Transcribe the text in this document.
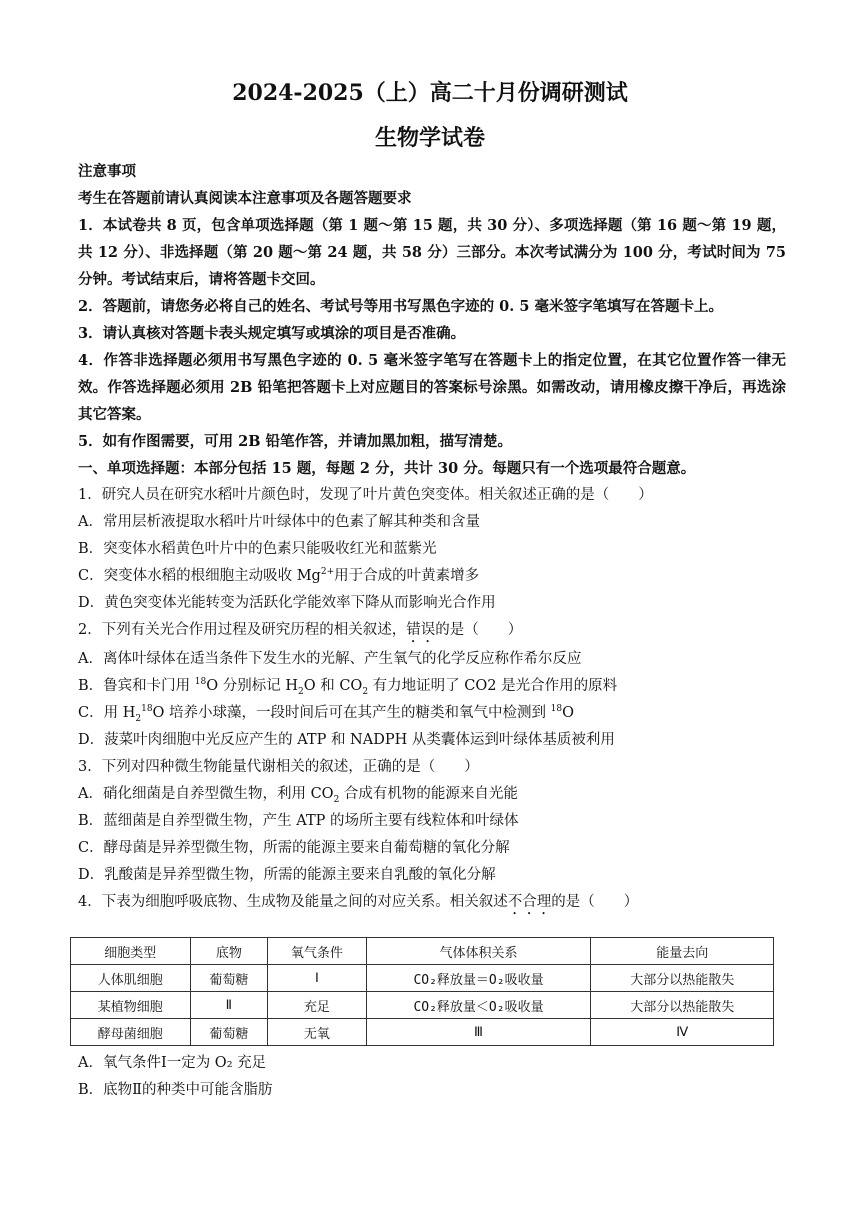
2024-2025（上）高二十月份调研测试
生物学试卷
注意事项
考生在答题前请认真阅读本注意事项及各题答题要求
1．本试卷共 8 页，包含单项选择题（第 1 题～第 15 题，共 30 分）、多项选择题（第 16 题～第 19 题，共 12 分）、非选择题（第 20 题～第 24 题，共 58 分）三部分。本次考试满分为 100 分，考试时间为 75 分钟。考试结束后，请将答题卡交回。
2．答题前，请您务必将自己的姓名、考试号等用书写黑色字迹的 0. 5 毫米签字笔填写在答题卡上。
3．请认真核对答题卡表头规定填写或填涂的项目是否准确。
4．作答非选择题必须用书写黑色字迹的 0. 5 毫米签字笔写在答题卡上的指定位置，在其它位置作答一律无效。作答选择题必须用 2B 铅笔把答题卡上对应题目的答案标号涂黑。如需改动，请用橡皮擦干净后，再选涂其它答案。
5．如有作图需要，可用 2B 铅笔作答，并请加黑加粗，描写清楚。
一、单项选择题：本部分包括 15 题，每题 2 分，共计 30 分。每题只有一个选项最符合题意。
1．研究人员在研究水稻叶片颜色时，发现了叶片黄色突变体。相关叙述正确的是（　　）
A．常用层析液提取水稻叶片叶绿体中的色素了解其种类和含量
B．突变体水稻黄色叶片中的色素只能吸收红光和蓝紫光
C．突变体水稻的根细胞主动吸收 $Mg^{2+}$用于合成的叶黄素增多
D．黄色突变体光能转变为活跃化学能效率下降从而影响光合作用
2．下列有关光合作用过程及研究历程的相关叙述，错误的是（　　）
A．离体叶绿体在适当条件下发生水的光解、产生氧气的化学反应称作希尔反应
B．鲁宾和卡门用 $^{18}$O 分别标记 $H_2O$ 和 $CO_2$ 有力地证明了 CO2 是光合作用的原料
C．用 $H_2^{18}O$ 培养小球藻，一段时间后可在其产生的糖类和氧气中检测到 $^{18}$O
D．菠菜叶肉细胞中光反应产生的 ATP 和 NADPH 从类囊体运到叶绿体基质被利用
3．下列对四种微生物能量代谢相关的叙述，正确的是（　　）
A．硝化细菌是自养型微生物，利用 $CO_2$ 合成有机物的能源来自光能
B．蓝细菌是自养型微生物，产生 ATP 的场所主要有线粒体和叶绿体
C．酵母菌是异养型微生物，所需的能源主要来自葡萄糖的氧化分解
D．乳酸菌是异养型微生物，所需的能源主要来自乳酸的氧化分解
4．下表为细胞呼吸底物、生成物及能量之间的对应关系。相关叙述不合理的是（　　）
细胞类型	底物	氧气条件	气体体积关系	能量去向
人体肌细胞	葡萄糖	Ⅰ	CO₂释放量＝O₂吸收量	大部分以热能散失
某植物细胞	Ⅱ	充足	CO₂释放量＜O₂吸收量	大部分以热能散失
酵母菌细胞	葡萄糖	无氧	Ⅲ	Ⅳ
A．氧气条件Ⅰ一定为 O₂ 充足
B．底物Ⅱ的种类中可能含脂肪
